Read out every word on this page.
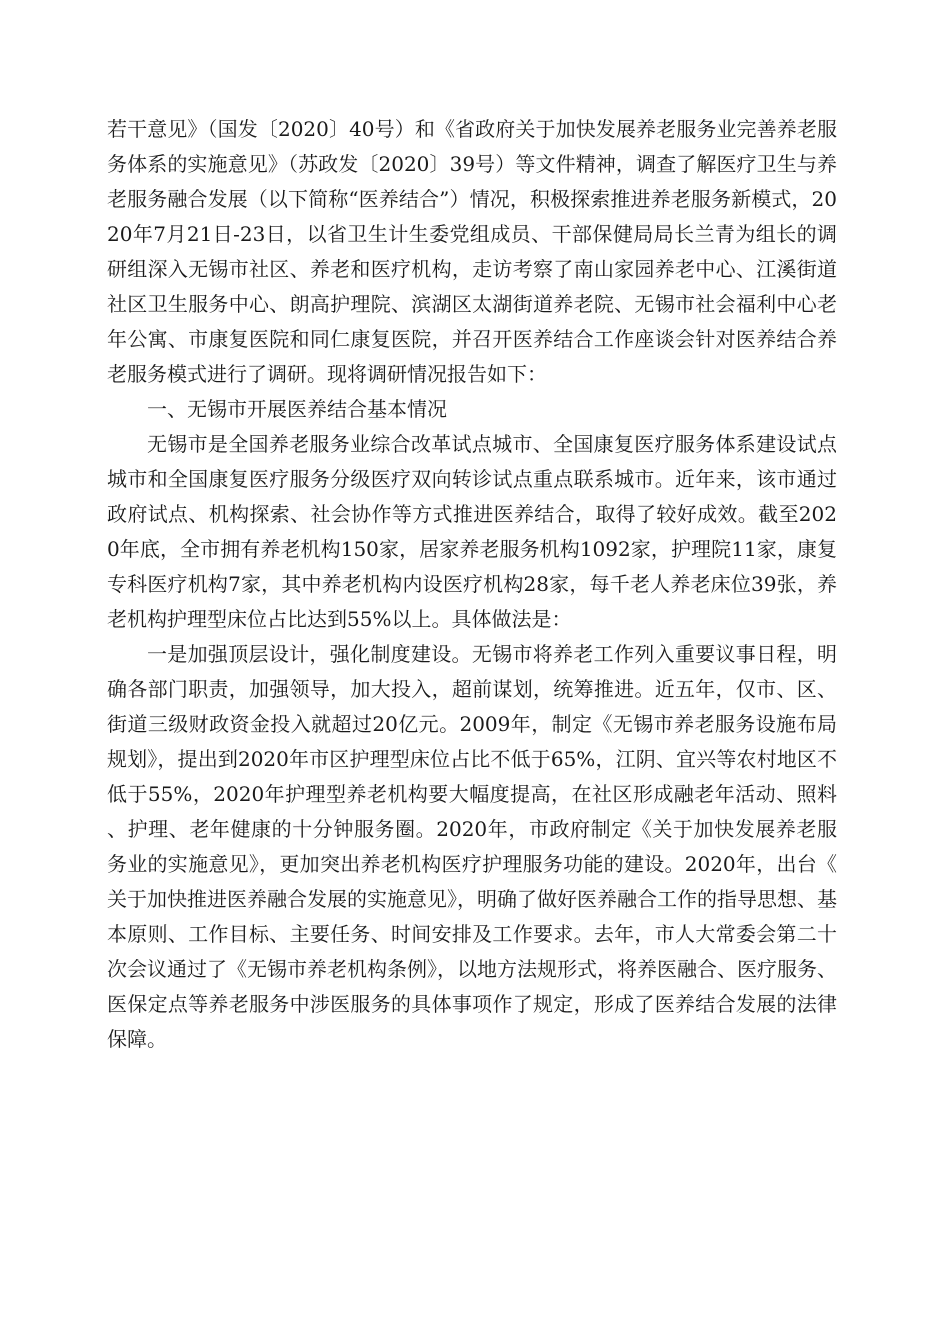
若干意见》（国发〔2020〕40号）和《省政府关于加快发展养老服务业完善养老服务体系的实施意见》（苏政发〔2020〕39号）等文件精神，调查了解医疗卫生与养老服务融合发展（以下简称“医养结合”）情况，积极探索推进养老服务新模式，2020年7月21日-23日，以省卫生计生委党组成员、干部保健局局长兰青为组长的调研组深入无锡市社区、养老和医疗机构，走访考察了南山家园养老中心、江溪街道社区卫生服务中心、朗高护理院、滨湖区太湖街道养老院、无锡市社会福利中心老年公寓、市康复医院和同仁康复医院，并召开医养结合工作座谈会针对医养结合养老服务模式进行了调研。现将调研情况报告如下：

一、无锡市开展医养结合基本情况

无锡市是全国养老服务业综合改革试点城市、全国康复医疗服务体系建设试点城市和全国康复医疗服务分级医疗双向转诊试点重点联系城市。近年来，该市通过政府试点、机构探索、社会协作等方式推进医养结合，取得了较好成效。截至2020年底，全市拥有养老机构150家，居家养老服务机构1092家，护理院11家，康复专科医疗机构7家，其中养老机构内设医疗机构28家，每千老人养老床位39张，养老机构护理型床位占比达到55%以上。具体做法是：

一是加强顶层设计，强化制度建设。无锡市将养老工作列入重要议事日程，明确各部门职责，加强领导，加大投入，超前谋划，统筹推进。近五年，仅市、区、街道三级财政资金投入就超过20亿元。2009年，制定《无锡市养老服务设施布局规划》，提出到2020年市区护理型床位占比不低于65%，江阴、宜兴等农村地区不低于55%，2020年护理型养老机构要大幅度提高，在社区形成融老年活动、照料、护理、老年健康的十分钟服务圈。2020年，市政府制定《关于加快发展养老服务业的实施意见》，更加突出养老机构医疗护理服务功能的建设。2020年，出台《关于加快推进医养融合发展的实施意见》，明确了做好医养融合工作的指导思想、基本原则、工作目标、主要任务、时间安排及工作要求。去年，市人大常委会第二十次会议通过了《无锡市养老机构条例》，以地方法规形式，将养医融合、医疗服务、医保定点等养老服务中涉医服务的具体事项作了规定，形成了医养结合发展的法律保障。
